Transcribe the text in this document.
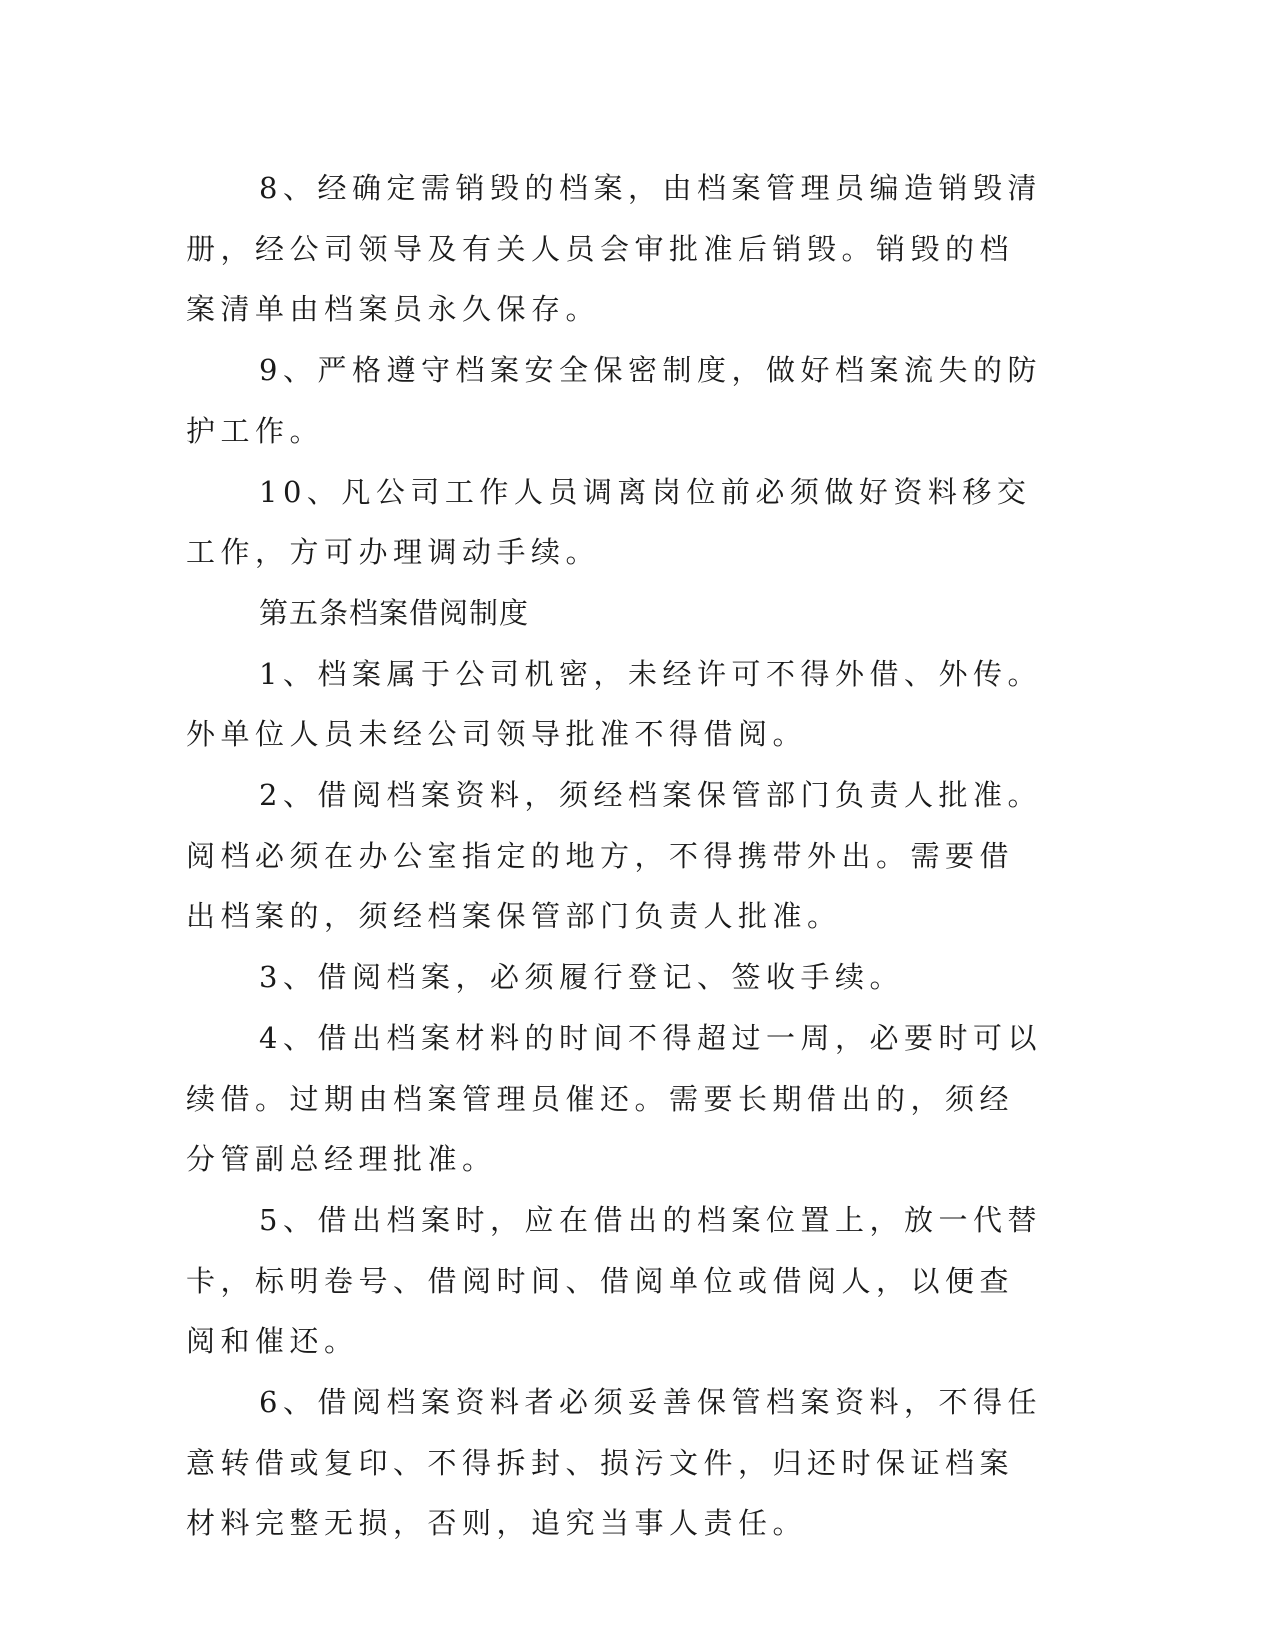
8、经确定需销毁的档案，由档案管理员编造销毁清册，经公司领导及有关人员会审批准后销毁。销毁的档案清单由档案员永久保存。

9、严格遵守档案安全保密制度，做好档案流失的防护工作。

10、凡公司工作人员调离岗位前必须做好资料移交工作，方可办理调动手续。

第五条档案借阅制度

1、档案属于公司机密，未经许可不得外借、外传。外单位人员未经公司领导批准不得借阅。

2、借阅档案资料，须经档案保管部门负责人批准。阅档必须在办公室指定的地方，不得携带外出。需要借出档案的，须经档案保管部门负责人批准。

3、借阅档案，必须履行登记、签收手续。

4、借出档案材料的时间不得超过一周，必要时可以续借。过期由档案管理员催还。需要长期借出的，须经分管副总经理批准。

5、借出档案时，应在借出的档案位置上，放一代替卡，标明卷号、借阅时间、借阅单位或借阅人，以便查阅和催还。

6、借阅档案资料者必须妥善保管档案资料，不得任意转借或复印、不得拆封、损污文件，归还时保证档案材料完整无损，否则，追究当事人责任。
